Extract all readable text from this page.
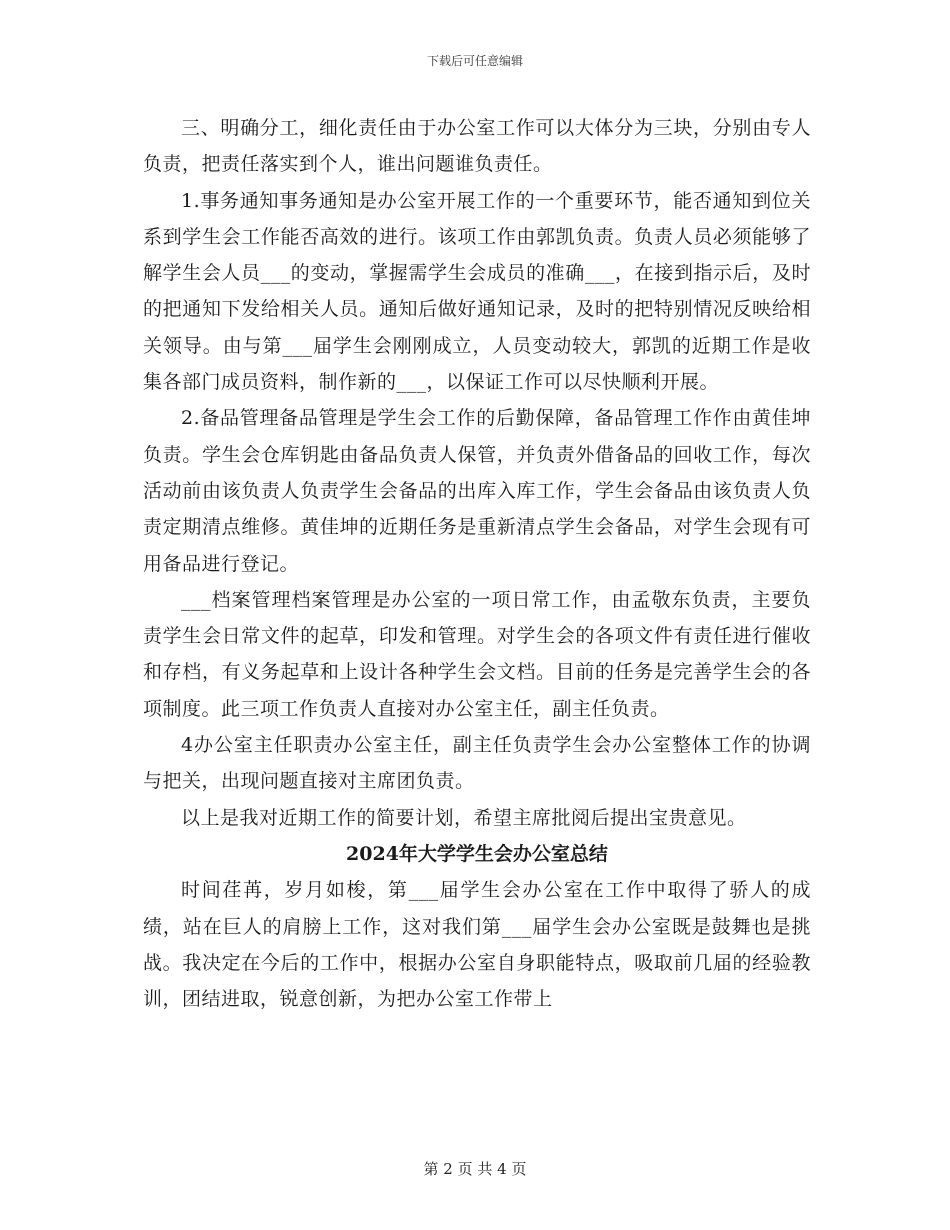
下载后可任意编辑

三、明确分工，细化责任由于办公室工作可以大体分为三块，分别由专人负责，把责任落实到个人，谁出问题谁负责任。

1.事务通知事务通知是办公室开展工作的一个重要环节，能否通知到位关系到学生会工作能否高效的进行。该项工作由郭凯负责。负责人员必须能够了解学生会人员___的变动，掌握需学生会成员的准确___，在接到指示后，及时的把通知下发给相关人员。通知后做好通知记录，及时的把特别情况反映给相关领导。由与第___届学生会刚刚成立，人员变动较大，郭凯的近期工作是收集各部门成员资料，制作新的___，以保证工作可以尽快顺利开展。

2.备品管理备品管理是学生会工作的后勤保障，备品管理工作作由黄佳坤负责。学生会仓库钥匙由备品负责人保管，并负责外借备品的回收工作，每次活动前由该负责人负责学生会备品的出库入库工作，学生会备品由该负责人负责定期清点维修。黄佳坤的近期任务是重新清点学生会备品，对学生会现有可用备品进行登记。

___档案管理档案管理是办公室的一项日常工作，由孟敬东负责，主要负责学生会日常文件的起草，印发和管理。对学生会的各项文件有责任进行催收和存档，有义务起草和上设计各种学生会文档。目前的任务是完善学生会的各项制度。此三项工作负责人直接对办公室主任，副主任负责。

4办公室主任职责办公室主任，副主任负责学生会办公室整体工作的协调与把关，出现问题直接对主席团负责。

以上是我对近期工作的简要计划，希望主席批阅后提出宝贵意见。

2024年大学学生会办公室总结

时间荏苒，岁月如梭，第___届学生会办公室在工作中取得了骄人的成绩，站在巨人的肩膀上工作，这对我们第___届学生会办公室既是鼓舞也是挑战。我决定在今后的工作中，根据办公室自身职能特点，吸取前几届的经验教训，团结进取，锐意创新，为把办公室工作带上

第 2 页 共 4 页
